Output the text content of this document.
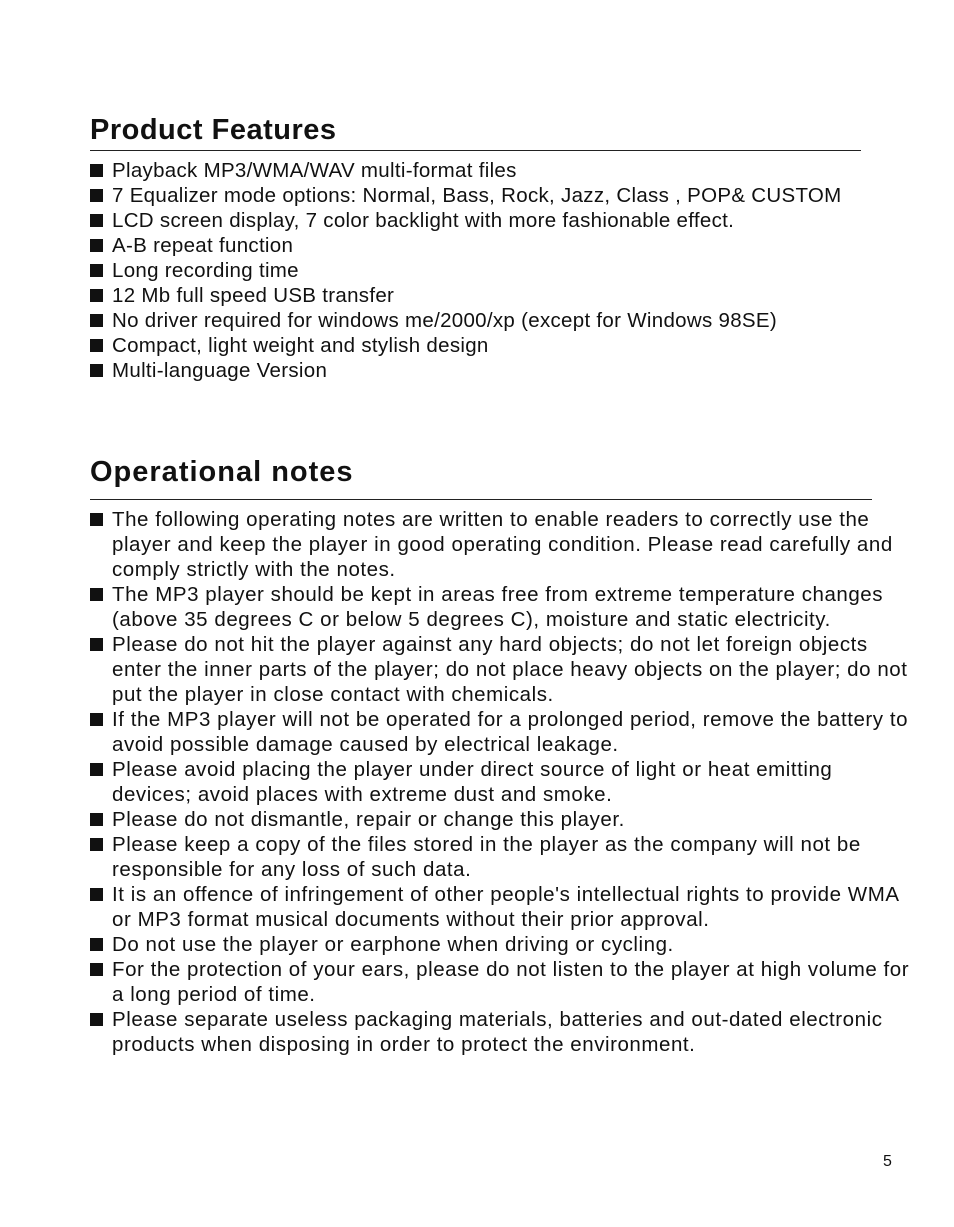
Product Features
Playback MP3/WMA/WAV multi-format files
7 Equalizer mode options: Normal, Bass, Rock, Jazz, Class , POP& CUSTOM
LCD screen display, 7 color backlight with more fashionable effect.
A-B repeat function
Long recording time
12 Mb full speed USB transfer
No driver required for windows me/2000/xp (except for Windows 98SE)
Compact, light weight and stylish design
Multi-language Version
Operational notes
The following operating notes are written to enable readers to correctly use the player and keep the player in good operating condition. Please read carefully and comply strictly with the notes.
The MP3 player should be kept in areas free from extreme temperature changes (above 35 degrees C or below 5 degrees C), moisture and static electricity.
Please do not hit the player against any hard objects; do not let foreign objects enter the inner parts of the player; do not place heavy objects on the player; do not put the player in close contact with chemicals.
If the MP3 player will not be operated for a prolonged period, remove the battery to avoid possible damage caused by electrical leakage.
Please avoid placing the player under direct source of light or heat emitting devices; avoid places with extreme dust and smoke.
Please do not dismantle, repair or change this player.
Please keep a copy of the files stored in the player as the company will not be responsible for any loss of such data.
It is an offence of infringement of other people's intellectual rights to provide WMA or MP3 format musical documents without their prior approval.
Do not use the player or earphone when driving or cycling.
For the protection of your ears, please do not listen to the player at high volume for a long period of time.
Please separate useless packaging materials, batteries and out-dated electronic products when disposing in order to protect the environment.
5
